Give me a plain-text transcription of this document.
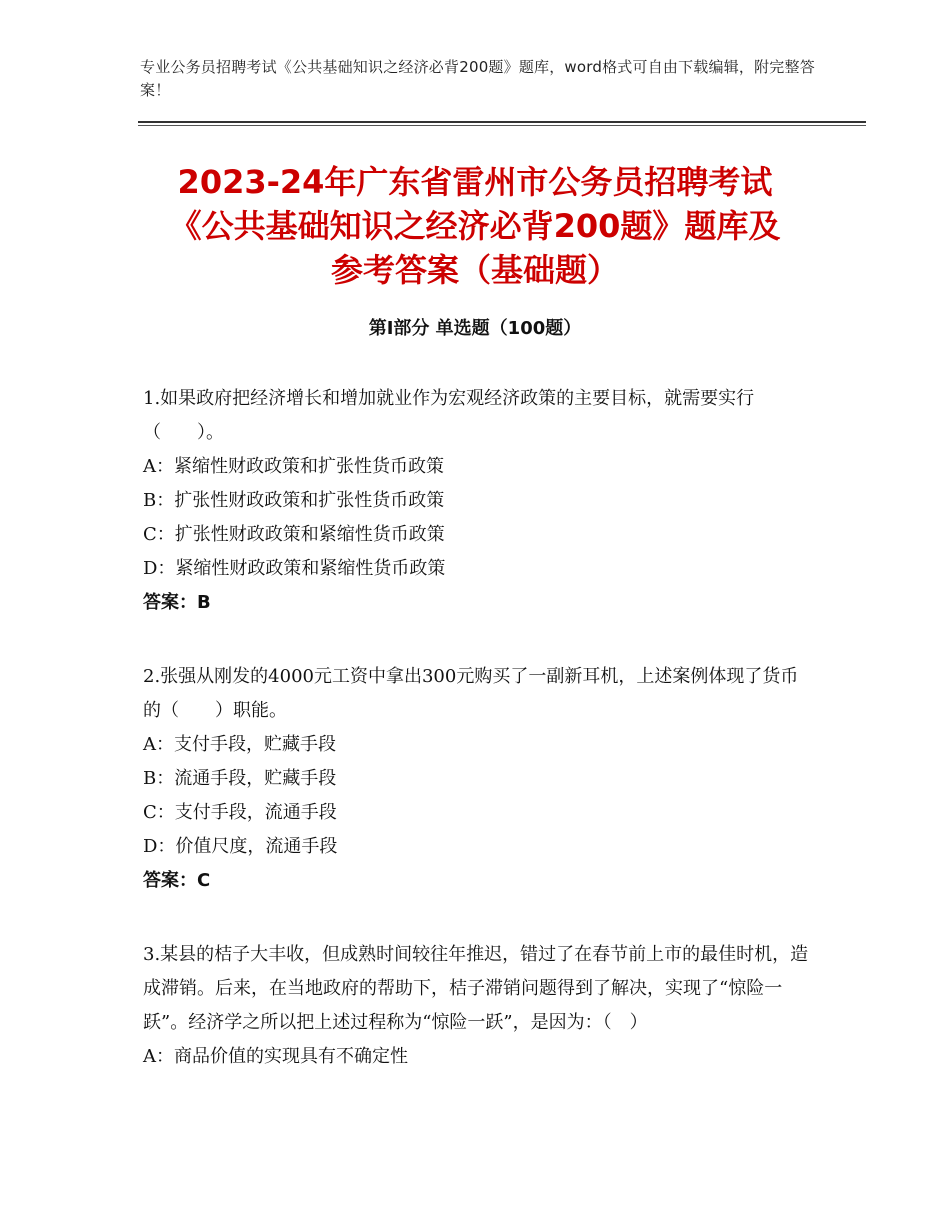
专业公务员招聘考试《公共基础知识之经济必背200题》题库，word格式可自由下载编辑，附完整答案！
2023-24年广东省雷州市公务员招聘考试
《公共基础知识之经济必背200题》题库及
参考答案（基础题）
第Ⅰ部分 单选题（100题）

1.如果政府把经济增长和增加就业作为宏观经济政策的主要目标，就需要实行（　　）。

A：紧缩性财政政策和扩张性货币政策

B：扩张性财政政策和扩张性货币政策

C：扩张性财政政策和紧缩性货币政策

D：紧缩性财政政策和紧缩性货币政策

答案：B

2.张强从刚发的4000元工资中拿出300元购买了一副新耳机，上述案例体现了货币的（　　）职能。

A：支付手段，贮藏手段

B：流通手段，贮藏手段

C：支付手段，流通手段

D：价值尺度，流通手段

答案：C

3.某县的桔子大丰收，但成熟时间较往年推迟，错过了在春节前上市的最佳时机，造成滞销。后来，在当地政府的帮助下，桔子滞销问题得到了解决，实现了“惊险一跃”。经济学之所以把上述过程称为“惊险一跃”，是因为：（　）

A：商品价值的实现具有不确定性
